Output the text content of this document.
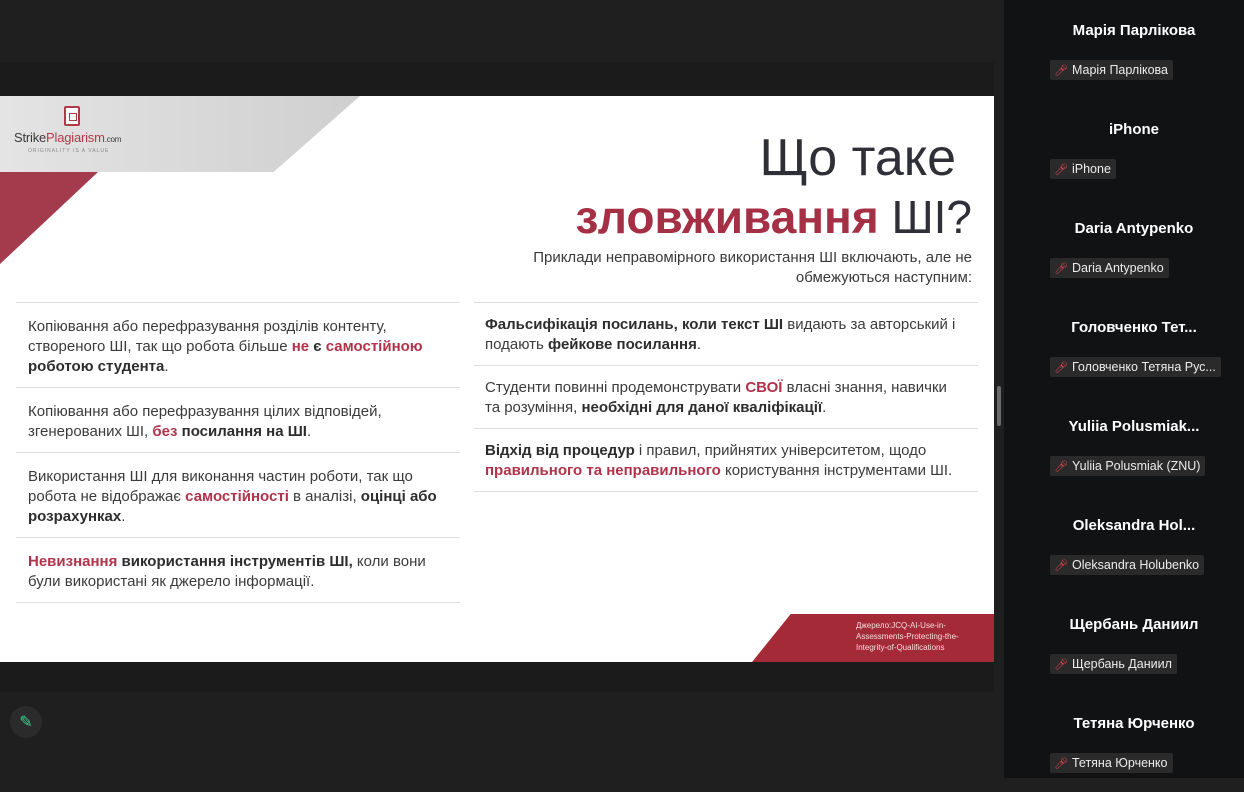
StrikePlagiarism.com
ORIGINALITY IS A VALUE	Що таке
зловживання ШІ?
Приклади неправомірного використання ШІ включають, але не обмежуються наступним:
Копіювання або перефразування розділів контенту, створеного ШІ, так що робота більше не є самостійною роботою студента.
Копіювання або перефразування цілих відповідей, згенерованих ШІ, без посилання на ШІ.
Використання ШІ для виконання частин роботи, так що робота не відображає самостійності в аналізі, оцінці або розрахунках.
Невизнання використання інструментів ШІ, коли вони були використані як джерело інформації.
Фальсифікація посилань, коли текст ШІ видають за авторський і подають фейкове посилання.
Студенти повинні продемонструвати СВОЇ власні знання, навички та розуміння, необхідні для даної кваліфікації.
Відхід від процедур і правил, прийнятих університетом, щодо правильного та неправильного користування інструментами ШІ.
Джерело:JCQ-AI-Use-in-Assessments-Protecting-the-Integrity-of-Qualifications
✎
Марія Парлікова
🎤︎ Марія Парлікова
iPhone
🎤︎ iPhone
Daria Antypenko
🎤︎ Daria Antypenko
Головченко Тет...
🎤︎ Головченко Тетяна Рус...
Yuliia Polusmiak...
🎤︎ Yuliia Polusmiak (ZNU)
Oleksandra Hol...
🎤︎ Oleksandra Holubenko
Щербань Даниил
🎤︎ Щербань Даниил
Тетяна Юрченко
🎤︎ Тетяна Юрченко
